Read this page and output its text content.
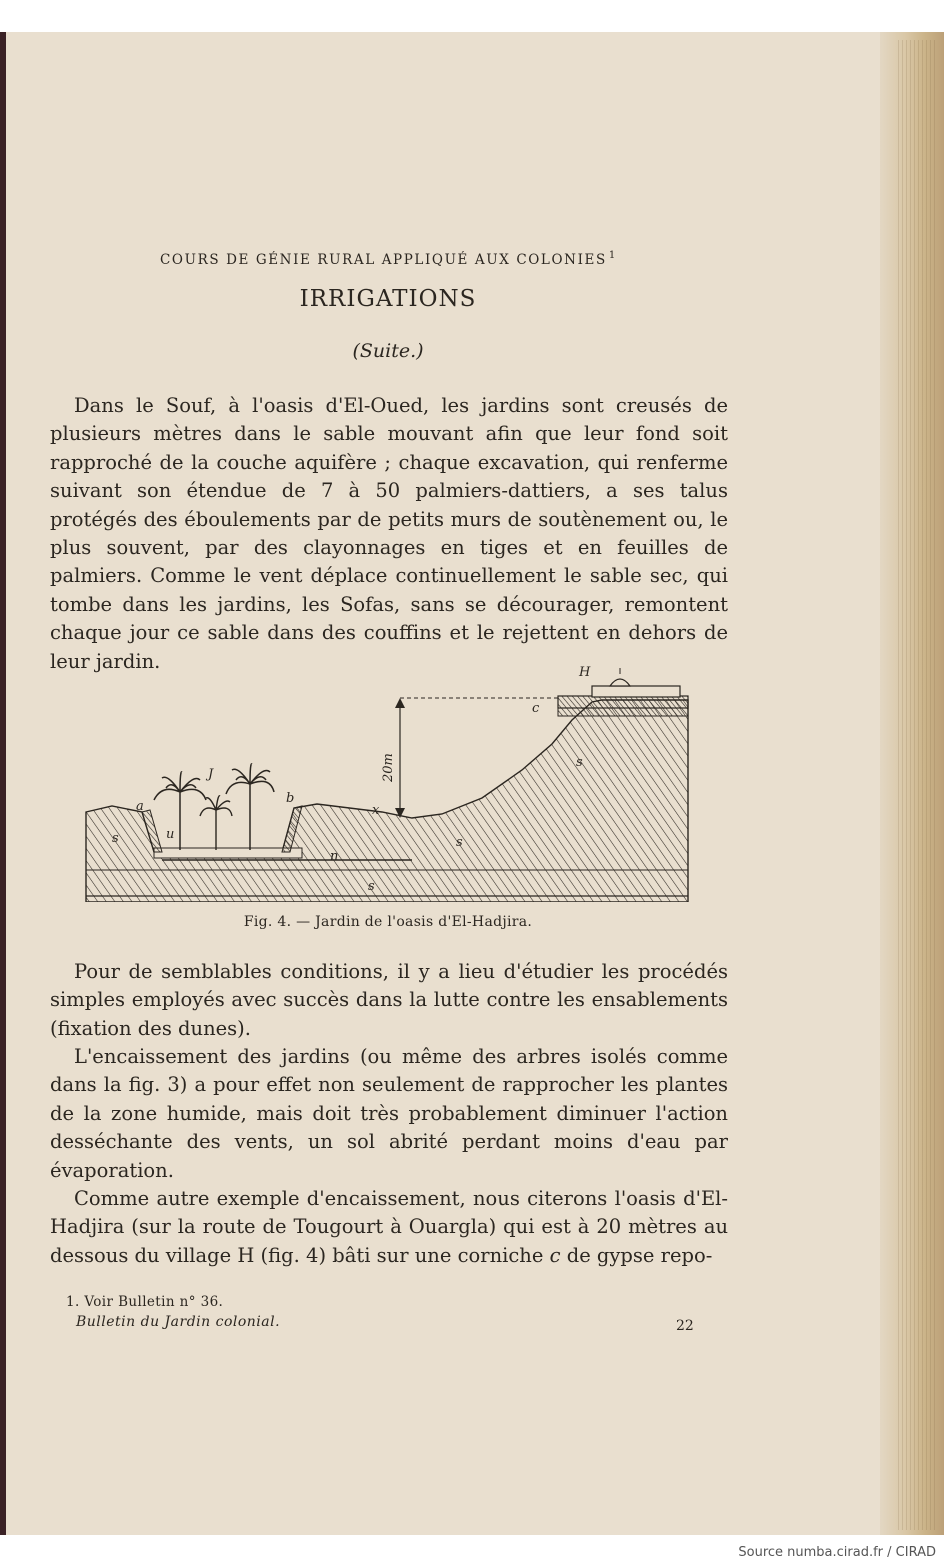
COURS DE GÉNIE RURAL APPLIQUÉ AUX COLONIES $^1$
IRRIGATIONS
(Suite.)

Dans le Souf, à l'oasis d'El-Oued, les jardins sont creusés de plusieurs mètres dans le sable mouvant afin que leur fond soit rapproché de la couche aquifère ; chaque excavation, qui renferme suivant son étendue de 7 à 50 palmiers-dattiers, a ses talus protégés des éboulements par de petits murs de soutènement ou, le plus souvent, par des clayonnages en tiges et en feuilles de palmiers. Comme le vent déplace continuellement le sable sec, qui tombe dans les jardins, les Sofas, sans se décourager, remontent chaque jour ce sable dans des couffins et le rejettent en dehors de leur jardin.	H
c
J
a
b
x
u
n
s
s
s
s
20m
Fig. 4. — Jardin de l'oasis d'El-Hadjira.

Pour de semblables conditions, il y a lieu d'étudier les procédés simples employés avec succès dans la lutte contre les ensablements (fixation des dunes).

L'encaissement des jardins (ou même des arbres isolés comme dans la fig. 3) a pour effet non seulement de rapprocher les plantes de la zone humide, mais doit très probablement diminuer l'action desséchante des vents, un sol abrité perdant moins d'eau par évaporation.

Comme autre exemple d'encaissement, nous citerons l'oasis d'El-Hadjira (sur la route de Tougourt à Ouargla) qui est à 20 mètres au dessous du village H (fig. 4) bâti sur une corniche c de gypse repo-

1. Voir Bulletin n° 36.
Bulletin du Jardin colonial.	22
Source numba.cirad.fr / CIRAD
